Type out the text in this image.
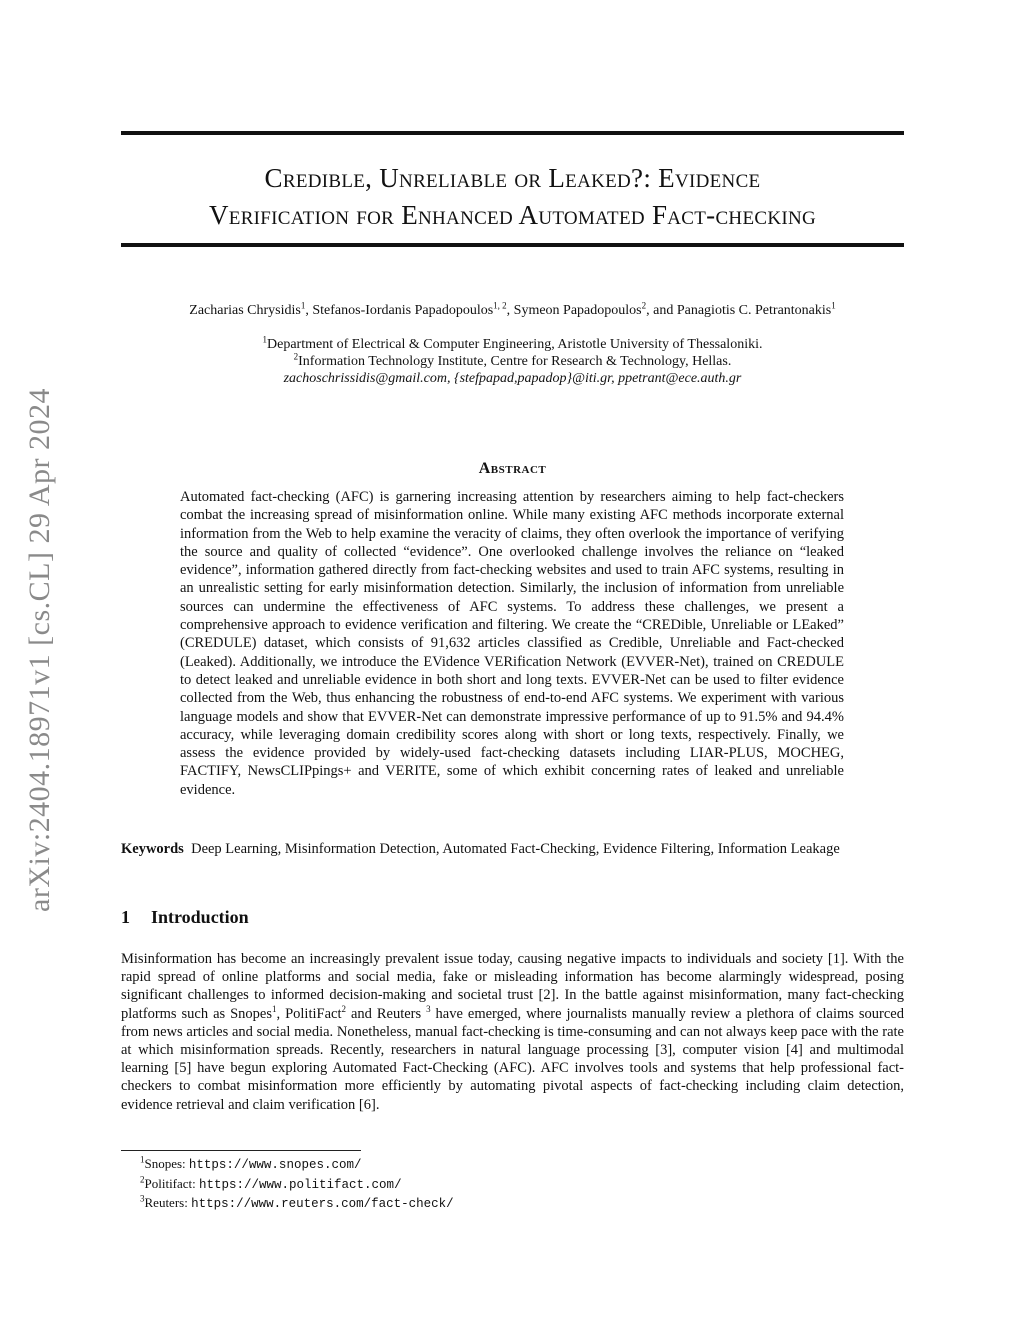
arXiv:2404.18971v1 [cs.CL] 29 Apr 2024
Credible, Unreliable or Leaked?: Evidence
Verification for Enhanced Automated Fact-checking
Zacharias Chrysidis$^1$, Stefanos-Iordanis Papadopoulos$^{1, 2}$, Symeon Papadopoulos$^2$, and Panagiotis C. Petrantonakis$^1$
$^1$Department of Electrical & Computer Engineering, Aristotle University of Thessaloniki.
$^2$Information Technology Institute, Centre for Research & Technology, Hellas.
zachoschrissidis@gmail.com, {stefpapad,papadop}@iti.gr, ppetrant@ece.auth.gr
Abstract

Automated fact-checking (AFC) is garnering increasing attention by researchers aiming to help fact-checkers combat the increasing spread of misinformation online. While many existing AFC methods incorporate external information from the Web to help examine the veracity of claims, they often overlook the importance of verifying the source and quality of collected “evidence”. One overlooked challenge involves the reliance on “leaked evidence”, information gathered directly from fact-checking websites and used to train AFC systems, resulting in an unrealistic setting for early misinformation detection. Similarly, the inclusion of information from unreliable sources can undermine the effectiveness of AFC systems. To address these challenges, we present a comprehensive approach to evidence verification and filtering. We create the “CREDible, Unreliable or LEaked” (CREDULE) dataset, which consists of 91,632 articles classified as Credible, Unreliable and Fact-checked (Leaked). Additionally, we introduce the EVidence VERification Network (EVVER-Net), trained on CREDULE to detect leaked and unreliable evidence in both short and long texts. EVVER-Net can be used to filter evidence collected from the Web, thus enhancing the robustness of end-to-end AFC systems. We experiment with various language models and show that EVVER-Net can demonstrate impressive performance of up to 91.5% and 94.4% accuracy, while leveraging domain credibility scores along with short or long texts, respectively. Finally, we assess the evidence provided by widely-used fact-checking datasets including LIAR-PLUS, MOCHEG, FACTIFY, NewsCLIPpings+ and VERITE, some of which exhibit concerning rates of leaked and unreliable evidence.

Keywords Deep Learning, Misinformation Detection, Automated Fact-Checking, Evidence Filtering, Information Leakage

1 Introduction

Misinformation has become an increasingly prevalent issue today, causing negative impacts to individuals and society [1]. With the rapid spread of online platforms and social media, fake or misleading information has become alarmingly widespread, posing significant challenges to informed decision-making and societal trust [2]. In the battle against misinformation, many fact-checking platforms such as Snopes$^1$, PolitiFact$^2$ and Reuters $^3$ have emerged, where journalists manually review a plethora of claims sourced from news articles and social media. Nonetheless, manual fact-checking is time-consuming and can not always keep pace with the rate at which misinformation spreads. Recently, researchers in natural language processing [3], computer vision [4] and multimodal learning [5] have begun exploring Automated Fact-Checking (AFC). AFC involves tools and systems that help professional fact-checkers to combat misinformation more efficiently by automating pivotal aspects of fact-checking including claim detection, evidence retrieval and claim verification [6].

$^1$Snopes: https://www.snopes.com/
$^2$Politifact: https://www.politifact.com/
$^3$Reuters: https://www.reuters.com/fact-check/
